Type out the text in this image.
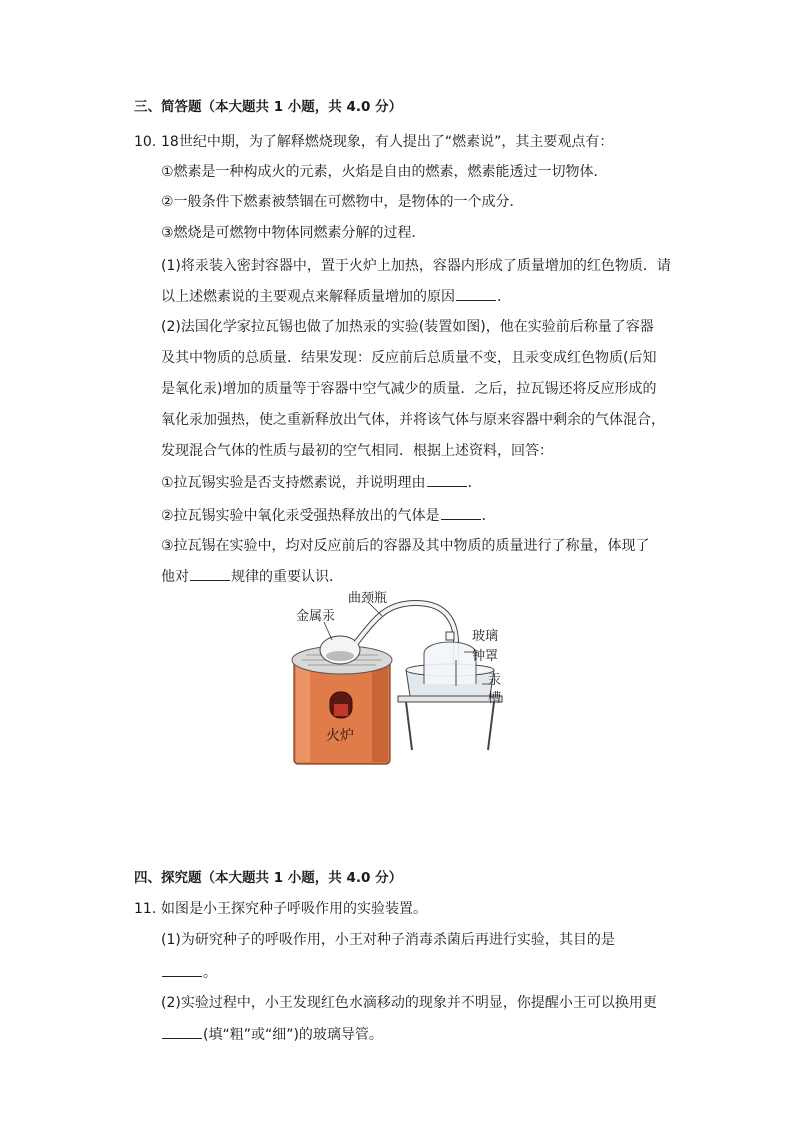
三、简答题（本大题共 1 小题，共 4.0 分）
10. 18世纪中期，为了解释燃烧现象，有人提出了“燃素说”，其主要观点有：
①燃素是一种构成火的元素，火焰是自由的燃素，燃素能透过一切物体．
②一般条件下燃素被禁锢在可燃物中，是物体的一个成分．
③燃烧是可燃物中物体同燃素分解的过程．
(1)将汞装入密封容器中，置于火炉上加热，容器内形成了质量增加的红色物质．请
以上述燃素说的主要观点来解释质量增加的原因	．
(2)法国化学家拉瓦锡也做了加热汞的实验(装置如图)，他在实验前后称量了容器
及其中物质的总质量．结果发现：反应前后总质量不变，且汞变成红色物质(后知
是氧化汞)增加的质量等于容器中空气减少的质量．之后，拉瓦锡还将反应形成的
氧化汞加强热，使之重新释放出气体，并将该气体与原来容器中剩余的气体混合，
发现混合气体的性质与最初的空气相同．根据上述资料，回答：
①拉瓦锡实验是否支持燃素说，并说明理由	．
②拉瓦锡实验中氧化汞受强热释放出的气体是	．
③拉瓦锡在实验中，均对反应前后的容器及其中物质的质量进行了称量，体现了
他对	规律的重要认识．
金属汞
曲颈瓶
玻璃
钟罩
汞
槽
火炉
四、探究题（本大题共 1 小题，共 4.0 分）
11. 如图是小王探究种子呼吸作用的实验装置。
(1)为研究种子的呼吸作用，小王对种子消毒杀菌后再进行实验，其目的是
。
(2)实验过程中，小王发现红色水滴移动的现象并不明显，你提醒小王可以换用更
(填“粗”或“细”)的玻璃导管。
